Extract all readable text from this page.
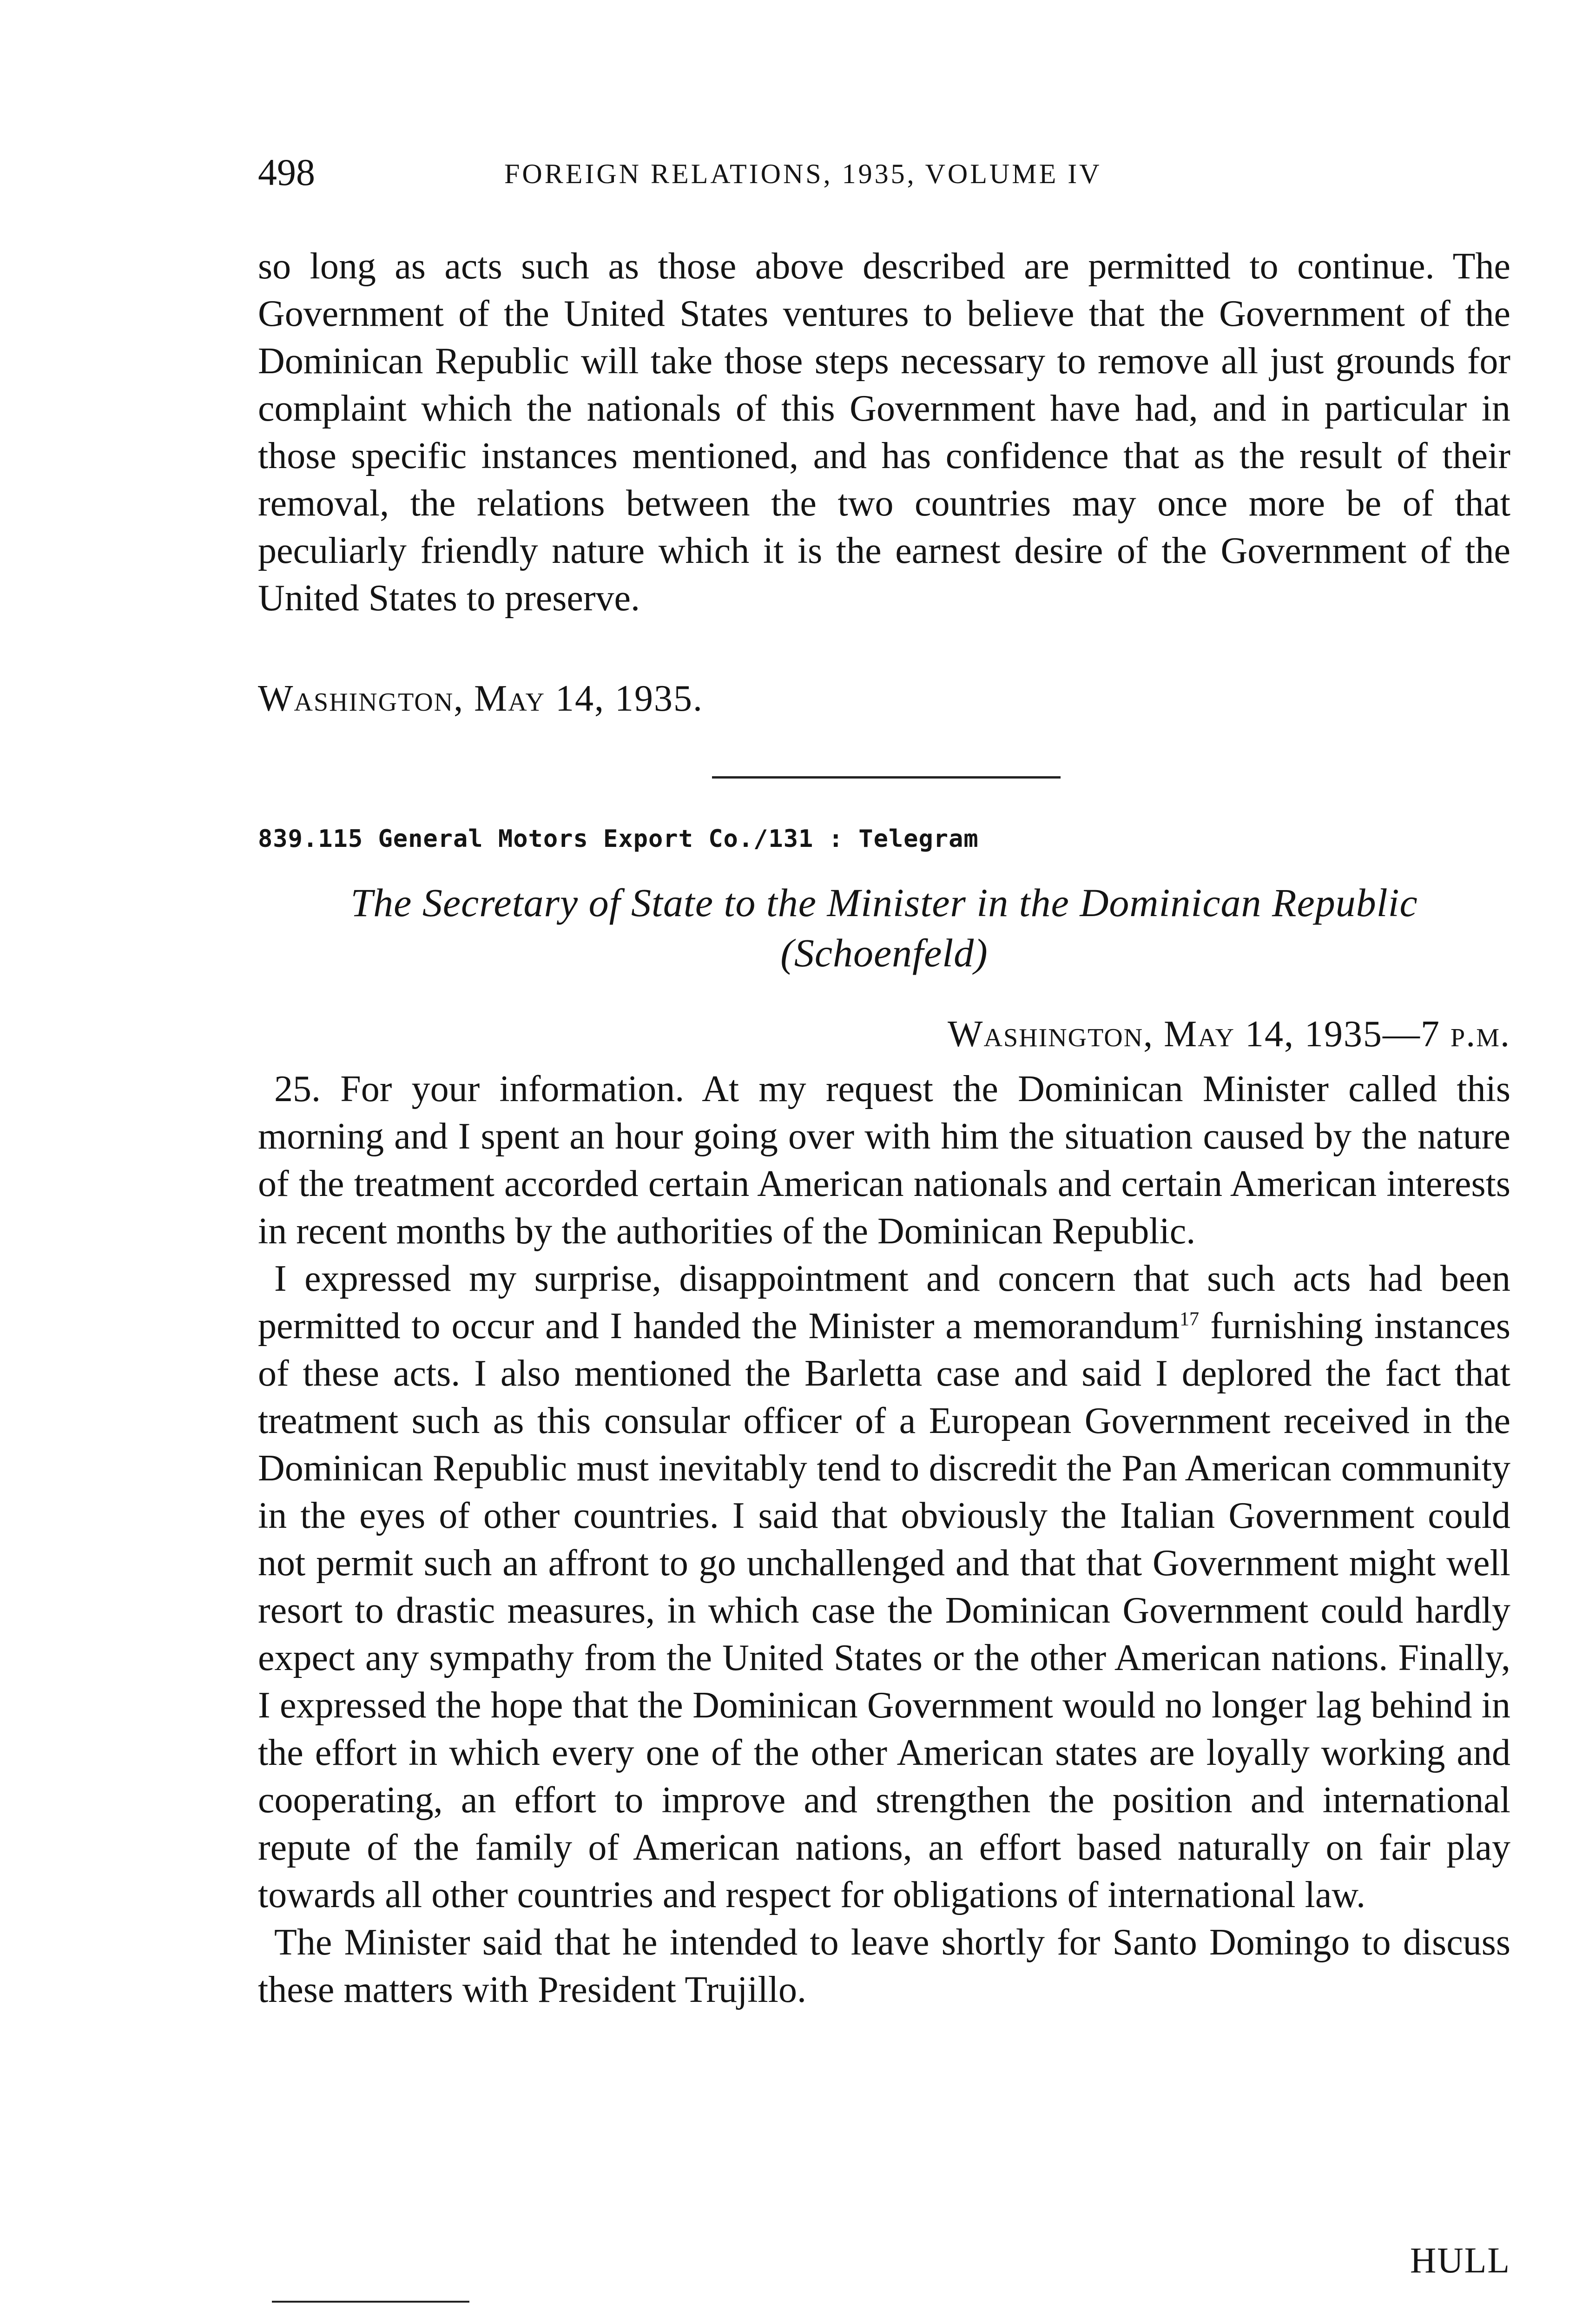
498	FOREIGN RELATIONS, 1935, VOLUME IV

so long as acts such as those above described are permitted to continue. The Government of the United States ventures to believe that the Government of the Dominican Republic will take those steps necessary to remove all just grounds for complaint which the nationals of this Government have had, and in particular in those specific instances mentioned, and has confidence that as the result of their removal, the relations between the two countries may once more be of that peculiarly friendly nature which it is the earnest desire of the Government of the United States to preserve.

Washington, May 14, 1935.
839.115 General Motors Export Co./131 : Telegram
The Secretary of State to the Minister in the Dominican Republic (Schoenfeld)
Washington, May 14, 1935—7 p.m.

25. For your information. At my request the Dominican Minister called this morning and I spent an hour going over with him the situation caused by the nature of the treatment accorded certain American nationals and certain American interests in recent months by the authorities of the Dominican Republic.

I expressed my surprise, disappointment and concern that such acts had been permitted to occur and I handed the Minister a memorandum$^{17}$ furnishing instances of these acts. I also mentioned the Barletta case and said I deplored the fact that treatment such as this consular officer of a European Government received in the Dominican Republic must inevitably tend to discredit the Pan American community in the eyes of other countries. I said that obviously the Italian Government could not permit such an affront to go unchallenged and that that Government might well resort to drastic measures, in which case the Dominican Government could hardly expect any sympathy from the United States or the other American nations. Finally, I expressed the hope that the Dominican Government would no longer lag behind in the effort in which every one of the other American states are loyally working and cooperating, an effort to improve and strengthen the position and international repute of the family of American nations, an effort based naturally on fair play towards all other countries and respect for obligations of international law.

The Minister said that he intended to leave shortly for Santo Domingo to discuss these matters with President Trujillo.

HULL
